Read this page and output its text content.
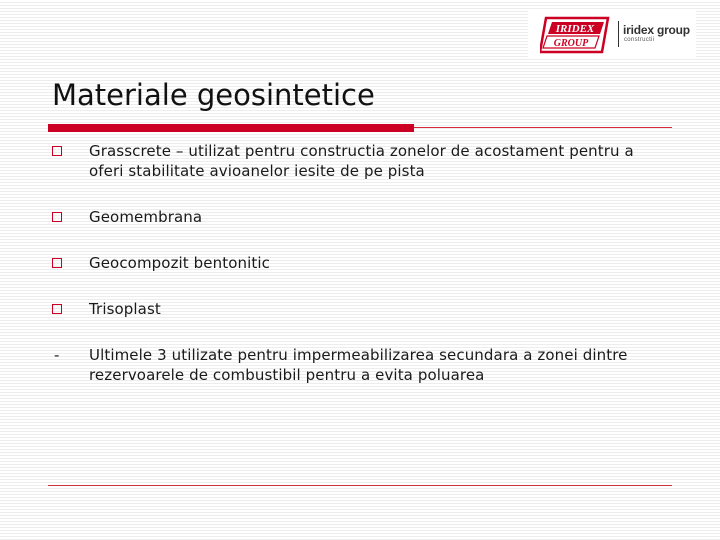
IRIDEX
GROUP
iridex group
constructii
Materiale geosintetice
Grasscrete – utilizat pentru constructia zonelor de acostament pentru a oferi stabilitate avioanelor iesite de pe pista
Geomembrana
Geocompozit bentonitic
Trisoplast
- Ultimele 3 utilizate pentru impermeabilizarea secundara a zonei dintre rezervoarele de combustibil pentru a evita poluarea
